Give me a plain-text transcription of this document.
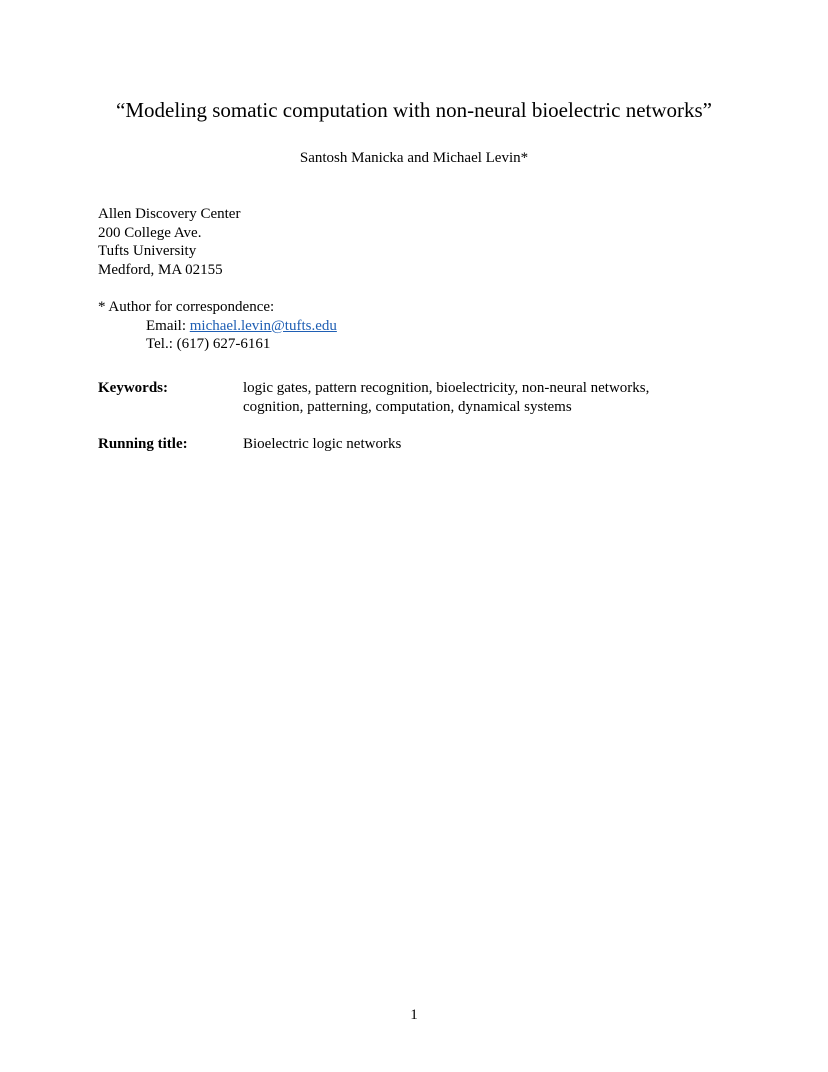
“Modeling somatic computation with non-neural bioelectric networks”
Santosh Manicka and Michael Levin*
Allen Discovery Center
200 College Ave.
Tufts University
Medford, MA 02155
* Author for correspondence:
Email: michael.levin@tufts.edu
Tel.: (617) 627-6161
Keywords:	logic gates, pattern recognition, bioelectricity, non-neural networks, cognition, patterning, computation, dynamical systems
Running title:	Bioelectric logic networks
1
